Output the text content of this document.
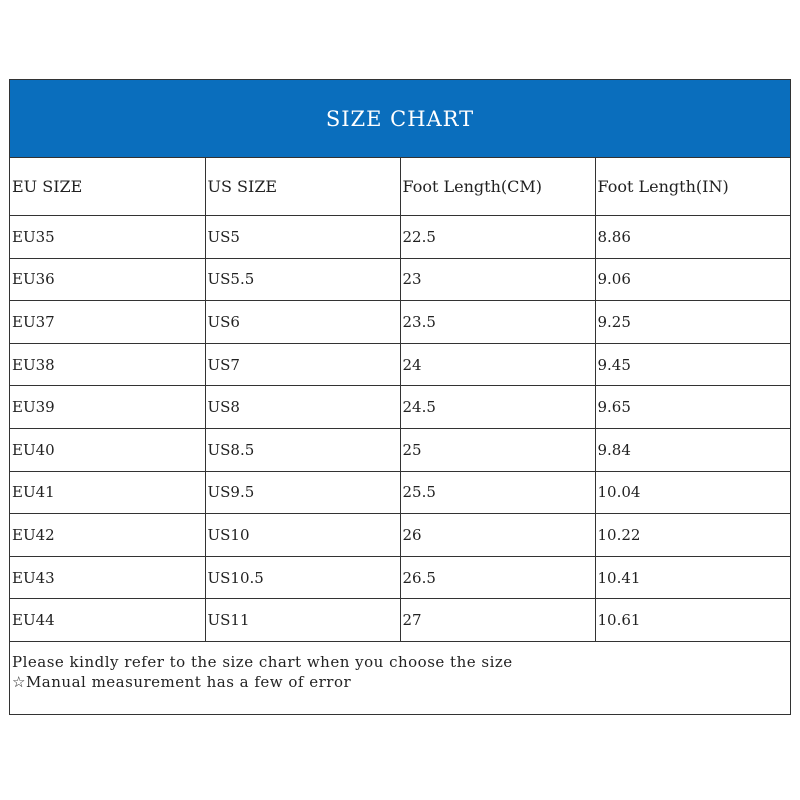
SIZE CHART
EU SIZE	US SIZE	Foot Length(CM)	Foot Length(IN)
EU35	US5	22.5	8.86
EU36	US5.5	23	9.06
EU37	US6	23.5	9.25
EU38	US7	24	9.45
EU39	US8	24.5	9.65
EU40	US8.5	25	9.84
EU41	US9.5	25.5	10.04
EU42	US10	26	10.22
EU43	US10.5	26.5	10.41
EU44	US11	27	10.61
Please kindly refer to the size chart when you choose the size
☆Manual measurement has a few of error
